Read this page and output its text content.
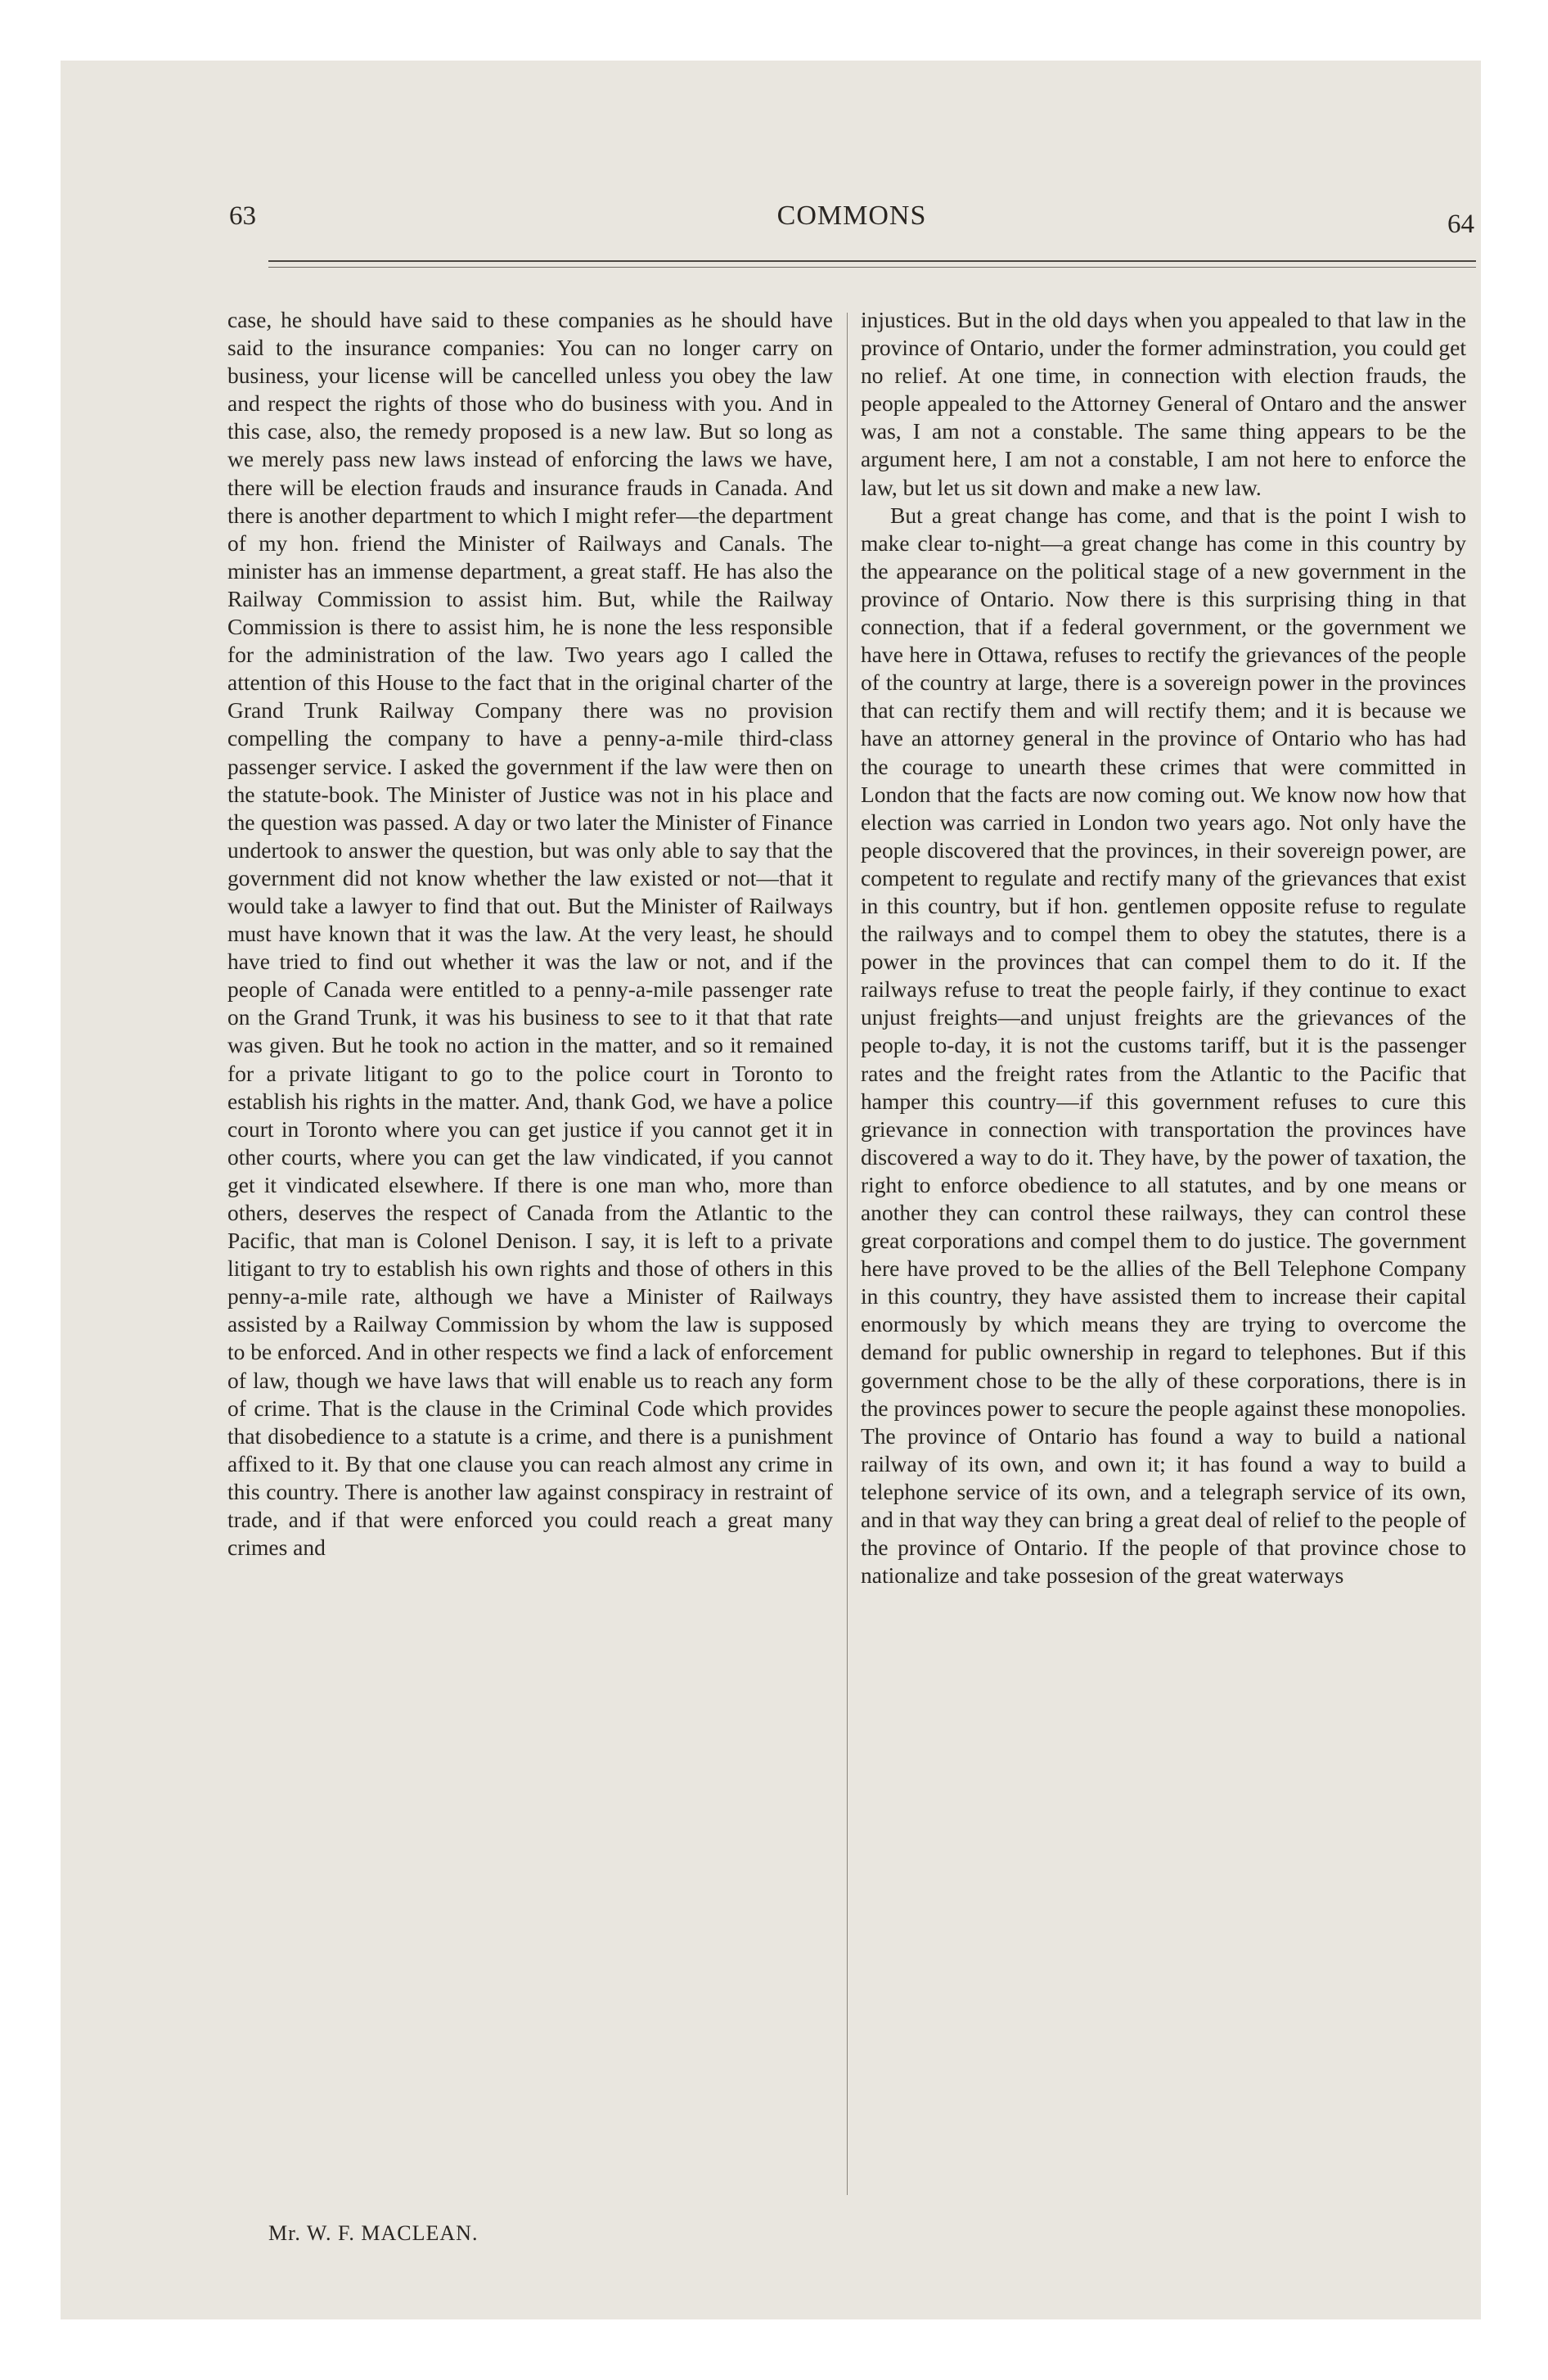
63	COMMONS	64

case, he should have said to these companies as he should have said to the insurance companies: You can no longer carry on business, your license will be cancelled unless you obey the law and respect the rights of those who do business with you. And in this case, also, the remedy proposed is a new law. But so long as we merely pass new laws instead of enforcing the laws we have, there will be election frauds and insurance frauds in Canada. And there is another department to which I might refer—the department of my hon. friend the Minister of Railways and Canals. The minister has an immense department, a great staff. He has also the Railway Commission to assist him. But, while the Railway Commission is there to assist him, he is none the less responsible for the administration of the law. Two years ago I called the attention of this House to the fact that in the original charter of the Grand Trunk Railway Company there was no provision compelling the company to have a penny-a-mile third-class passenger service. I asked the government if the law were then on the statute-book. The Minister of Justice was not in his place and the question was passed. A day or two later the Minister of Finance undertook to answer the question, but was only able to say that the government did not know whether the law existed or not—that it would take a lawyer to find that out. But the Minister of Railways must have known that it was the law. At the very least, he should have tried to find out whether it was the law or not, and if the people of Canada were entitled to a penny-a-mile passenger rate on the Grand Trunk, it was his business to see to it that that rate was given. But he took no action in the matter, and so it remained for a private litigant to go to the police court in Toronto to establish his rights in the matter. And, thank God, we have a police court in Toronto where you can get justice if you cannot get it in other courts, where you can get the law vindicated, if you cannot get it vindicated elsewhere. If there is one man who, more than others, deserves the respect of Canada from the Atlantic to the Pacific, that man is Colonel Denison. I say, it is left to a private litigant to try to establish his own rights and those of others in this penny-a-mile rate, although we have a Minister of Railways assisted by a Railway Commission by whom the law is supposed to be enforced. And in other respects we find a lack of enforcement of law, though we have laws that will enable us to reach any form of crime. That is the clause in the Criminal Code which provides that disobedience to a statute is a crime, and there is a punishment affixed to it. By that one clause you can reach almost any crime in this country. There is another law against conspiracy in restraint of trade, and if that were enforced you could reach a great many crimes and

injustices. But in the old days when you appealed to that law in the province of Ontario, under the former adminstration, you could get no relief. At one time, in connection with election frauds, the people appealed to the Attorney General of Ontaro and the answer was, I am not a constable. The same thing appears to be the argument here, I am not a constable, I am not here to enforce the law, but let us sit down and make a new law.

But a great change has come, and that is the point I wish to make clear to-night—a great change has come in this country by the appearance on the political stage of a new government in the province of Ontario. Now there is this surprising thing in that connection, that if a federal government, or the government we have here in Ottawa, refuses to rectify the grievances of the people of the country at large, there is a sovereign power in the provinces that can rectify them and will rectify them; and it is because we have an attorney general in the province of Ontario who has had the courage to unearth these crimes that were committed in London that the facts are now coming out. We know now how that election was carried in London two years ago. Not only have the people discovered that the provinces, in their sovereign power, are competent to regulate and rectify many of the grievances that exist in this country, but if hon. gentlemen opposite refuse to regulate the railways and to compel them to obey the statutes, there is a power in the provinces that can compel them to do it. If the railways refuse to treat the people fairly, if they continue to exact unjust freights—and unjust freights are the grievances of the people to-day, it is not the customs tariff, but it is the passenger rates and the freight rates from the Atlantic to the Pacific that hamper this country—if this government refuses to cure this grievance in connection with transportation the provinces have discovered a way to do it. They have, by the power of taxation, the right to enforce obedience to all statutes, and by one means or another they can control these railways, they can control these great corporations and compel them to do justice. The government here have proved to be the allies of the Bell Telephone Company in this country, they have assisted them to increase their capital enormously by which means they are trying to overcome the demand for public ownership in regard to telephones. But if this government chose to be the ally of these corporations, there is in the provinces power to secure the people against these monopolies. The province of Ontario has found a way to build a national railway of its own, and own it; it has found a way to build a telephone service of its own, and a telegraph service of its own, and in that way they can bring a great deal of relief to the people of the province of Ontario. If the people of that province chose to nationalize and take possesion of the great waterways

Mr. W. F. MACLEAN.
